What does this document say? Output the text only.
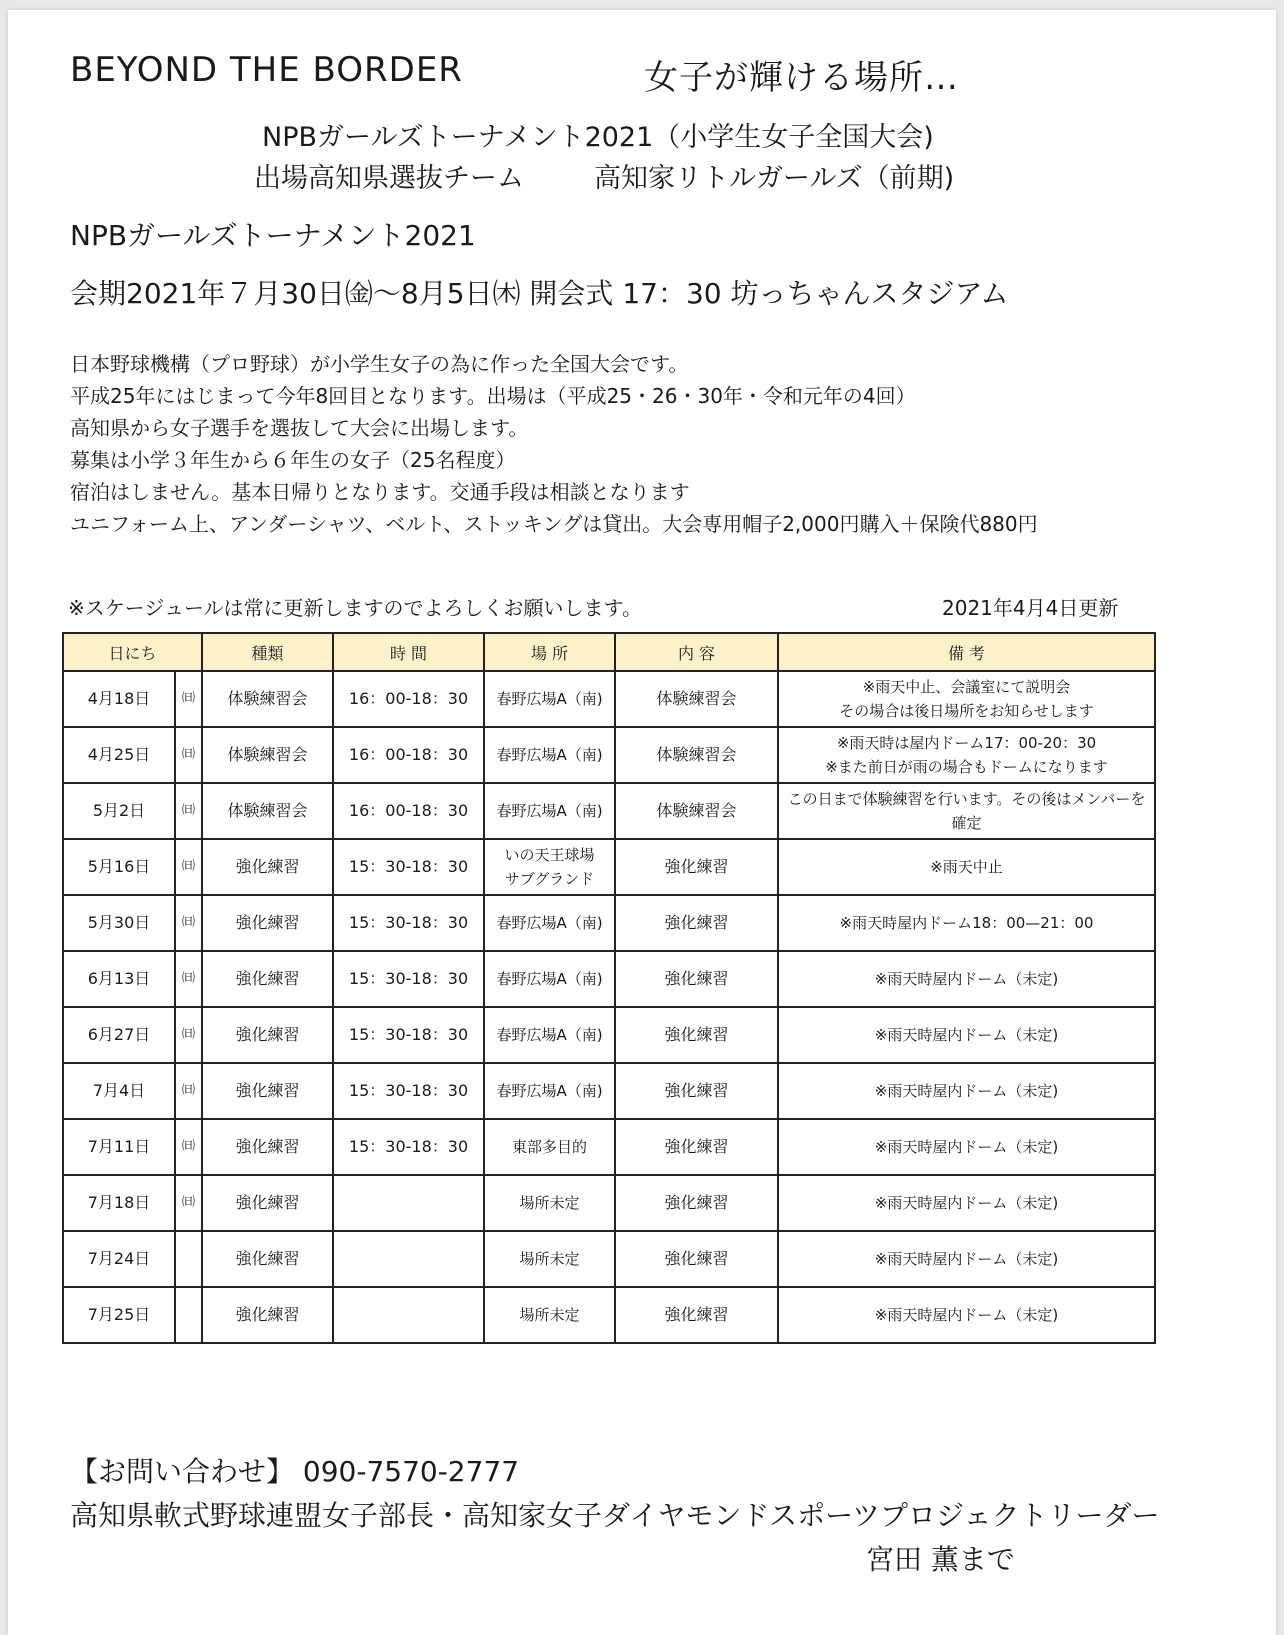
BEYOND THE BORDER	女子が輝ける場所…
NPBガールズトーナメント2021（小学生女子全国大会)
出場高知県選抜チーム	高知家リトルガールズ（前期)
NPBガールズトーナメント2021
会期2021年７月30日㈮～8月5日㈭ 開会式 17：30 坊っちゃんスタジアム
日本野球機構（プロ野球）が小学生女子の為に作った全国大会です。
平成25年にはじまって今年8回目となります。出場は（平成25・26・30年・令和元年の4回）
高知県から女子選手を選抜して大会に出場します。
募集は小学３年生から６年生の女子（25名程度）
宿泊はしません。基本日帰りとなります。交通手段は相談となります
ユニフォーム上、アンダーシャツ、ベルト、ストッキングは貸出。大会専用帽子2,000円購入＋保険代880円
※スケージュールは常に更新しますのでよろしくお願いします。	2021年4月4日更新
日にち		種類	時 間	場 所	内 容	備 考
4月18日	㈰	体験練習会	16：00-18：30	春野広場A（南)	体験練習会	※雨天中止、会議室にて説明会
その場合は後日場所をお知らせします
4月25日	㈰	体験練習会	16：00-18：30	春野広場A（南)	体験練習会	※雨天時は屋内ドーム17：00-20：30
※また前日が雨の場合もドームになります
5月2日	㈰	体験練習会	16：00-18：30	春野広場A（南)	体験練習会	この日まで体験練習を行います。その後はメンバーを確定
5月16日	㈰	強化練習	15：30-18：30	いの天王球場
サブグランド	強化練習	※雨天中止
5月30日	㈰	強化練習	15：30-18：30	春野広場A（南)	強化練習	※雨天時屋内ドーム18：00—21：00
6月13日	㈰	強化練習	15：30-18：30	春野広場A（南)	強化練習	※雨天時屋内ドーム（未定)
6月27日	㈰	強化練習	15：30-18：30	春野広場A（南)	強化練習	※雨天時屋内ドーム（未定)
7月4日	㈰	強化練習	15：30-18：30	春野広場A（南)	強化練習	※雨天時屋内ドーム（未定)
7月11日	㈰	強化練習	15：30-18：30	東部多目的	強化練習	※雨天時屋内ドーム（未定)
7月18日	㈰	強化練習		場所未定	強化練習	※雨天時屋内ドーム（未定)
7月24日		強化練習		場所未定	強化練習	※雨天時屋内ドーム（未定)
7月25日		強化練習		場所未定	強化練習	※雨天時屋内ドーム（未定)
【お問い合わせ】 090-7570-2777
高知県軟式野球連盟女子部長・高知家女子ダイヤモンドスポーツプロジェクトリーダー
宮田 薫まで
